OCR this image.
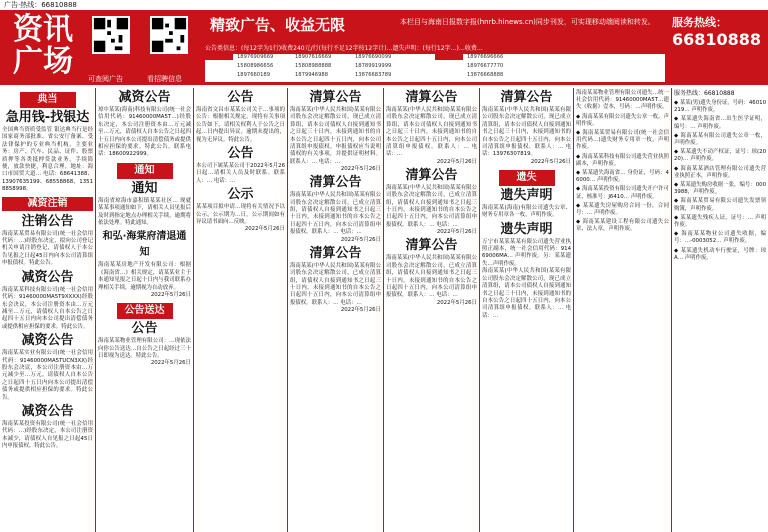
广告·热线：66810888
资讯
广场	可查阅广告	看招聘信息
精致广告、收益无限	本栏目与海南日报数字报(hnrb.hinews.cn)同步刊发，可实现移动端阅读和转发。 服务热线：
66810888
公告类信息：(每12字为1行)收费240元/行(每行不足12字按12字计)…遗失声明：(每行12字…)…收费…
18976909669	18907616669	18976690099	18976696666
15808986656	15808988888	18789919999	18976677770
1897660189	1879946988	13876683789	13876668888
典当
急用钱-找银达
全国典当资质受监管 银达典当行是经国家商务部批准、省公安厅备案、受法律保护的专业典当机构。主要业务：房产、汽车、民品、证件、股票质押等各类抵押贷款业务。手续简便，放款快捷，利息合理。地址：海口市国贸大道… 电话：68641388、13907635199、68558868、13518858998。
减资注销
注销公告
海南某某贸易有限公司(统一社会信用代码：…)经股东决定，拟向公司登记机关申请注销登记，请债权人于本公告见报之日起45日内向本公司清算组申报债权。特此公告。
减资公告
海南某某科技有限公司(统一社会信用代码：91460000MA5T9XXXX)经股东会决议，本公司注册资本由…万元减至…万元，请债权人自本公告之日起四十五日内向本公司提出清偿债务或提供相应担保的要求。特此公告。
减资公告
海南某某实业有限公司(统一社会信用代码：91460000MA5TUCN3XX)经股东会决议，本公司注册资本由…万元减少至…万元。请债权人自本公告之日起四十五日内向本公司提出清偿债务或提供相应担保的要求。特此公告。
减资公告
海南某某投资有限公司(统一社会信用代码：…)经股东决定，本公司注册资本减少，请债权人自见报之日起45日内申报债权。特此公告。
减资公告
琼中某某(海南)科技有限公司(统一社会信用代码：91460000MA5T…)经股东决定，本公司注册资本由…万元减至…万元，请债权人自本公告之日起四十五日内向本公司提出清偿债务或提供相应担保的要求。特此公告。联系电话：18600922999。
通知
通知
海南省琼海市嘉积镇某某社区… 现就某某事项通知如下，请相关人员见报后及时到指定地点办理相关手续，逾期将依法处理。特此通知。
和弘·海棠府清退通知
海南某某房地产开发有限公司：根据《海南省…》相关规定，请某某业主于本通知见报之日起十日内与我司联系办理相关手续，逾期视为自动放弃。
2022年5月26日
公告送达
公告
海南某某物业管理有限公司：…现依法向你公告送达…自公告之日起经过三十日即视为送达。特此公告。
2022年5月26日
公告
海南省文昌市某某公司关于…事项的公告：根据相关规定，现将有关事项公告如下，请相关权利人于公告之日起…日内提出异议。逾期未提出的，视为无异议。特此公告。
公告
本公司下属某某公司于2022年5月26日起…请相关人员及时联系。联系人：… 电话：…
公示
某某项目拟申请…现将有关情况予以公示，公示期为…日，公示期间如有异议请书面向…反映。
2022年5月26日
清算公告
海南某某(中华人民共和国)某某有限公司股东会决定解散公司，现已成立清算组，请本公司债权人自接到通知书之日起三十日内，未接到通知书的自本公告之日起四十五日内，向本公司清算组申报债权。申报债权应当说明债权的有关事项，并提供证明材料。联系人：… 电话：…
2022年5月26日
清算公告
海南某某(中华人民共和国)某某有限公司股东会决定解散公司，已成立清算组，请债权人自接到通知书之日起三十日内，未接到通知书的自本公告之日起四十五日内，向本公司清算组申报债权。联系人：… 电话：…
2022年5月26日
清算公告
海南某某(中华人民共和国)某某有限公司股东会决定解散公司，已成立清算组，请债权人自接到通知书之日起三十日内，未接到通知书的自本公告之日起四十五日内，向本公司清算组申报债权。联系人：… 电话：…
2022年5月26日
清算公告
海南某某(中华人民共和国)某某有限公司股东会决定解散公司，现已成立清算组，请本公司债权人自接到通知书之日起三十日内，未接到通知书的自本公告之日起四十五日内，向本公司清算组申报债权。联系人：… 电话：…
2022年5月26日
清算公告
海南某某(中华人民共和国)某某有限公司股东会决定解散公司，已成立清算组，请债权人自接到通知书之日起三十日内，未接到通知书的自本公告之日起四十五日内，向本公司清算组申报债权。联系人：… 电话：…
2022年5月26日
清算公告
海南某某(中华人民共和国)某某有限公司股东会决定解散公司，已成立清算组，请债权人自接到通知书之日起三十日内，未接到通知书的自本公告之日起四十五日内，向本公司清算组申报债权。联系人：… 电话：…
2022年5月26日
清算公告
海南某某(中华人民共和国)某某有限公司股东会决定解散公司，现已成立清算组，请本公司债权人自接到通知书之日起三十日内，未接到通知书的自本公告之日起四十五日内，向本公司清算组申报债权。联系人：… 电话：13976307819。
2022年5月26日
遗失
遗失声明
海南某某(海南)有限公司遗失公章、财务专用章各一枚，声明作废。
遗失声明
万宁市某某某某有限公司遗失营业执照正副本，统一社会信用代码：91469006MA… 声明作废。另：某某遗失…声明作废。
海南某某(中华人民共和国)某某有限公司股东会决定解散公司，现已成立清算组，请本公司债权人自接到通知书之日起三十日内，未接到通知书的自本公告之日起四十五日内，向本公司清算组申报债权。联系人：… 电话：…
海南某某物业管理有限公司遗失…统一社会信用代码：91460000MA5T…遗失《收据》壹本，号码：…声明作废。
◆ 海南某某有限公司遗失公章一枚，声明作废。
◆ 海南某某贸易有限公司(统一社会信用代码…)遗失财务专用章一枚，声明作废。
◆ 海南某某科技有限公司遗失营业执照副本，声明作废。
◆ 某某遗失海南省… 身份证，号码：46000… 声明作废。
◆ 海南某某投资有限公司遗失开户许可证，核准号：J6410… 声明作废。
◆ 某某遗失房屋购房合同一份，合同号：… 声明作废。
◆ 海南某某建设工程有限公司遗失公章、法人章，声明作废。
服务热线：66810888
◆ 某某(男)遗失身份证，号码：46010219… 声明作废。
◆ 某某遗失海南省…出生医学证明，编号：… 声明作废。
◆ 海南某某有限公司遗失公章一枚，声明作废。
◆ 某某遗失不动产权证，证号：琼(2020)… 声明作废。
◆ 海南某某酒店管理有限公司遗失营业执照正本，声明作废。
◆ 某某遗失购房收据一张，编号：0003988，声明作废。
◆ 海南某某贸易有限公司遗失发票领购簿，声明作废。
◆ 某某遗失残疾人证，证号：… 声明作废。
◆ 海南某某物业公司遗失收据，编号：…-0003052… 声明作废。
◆ 某某遗失机动车行驶证，号牌：琼A… 声明作废。
